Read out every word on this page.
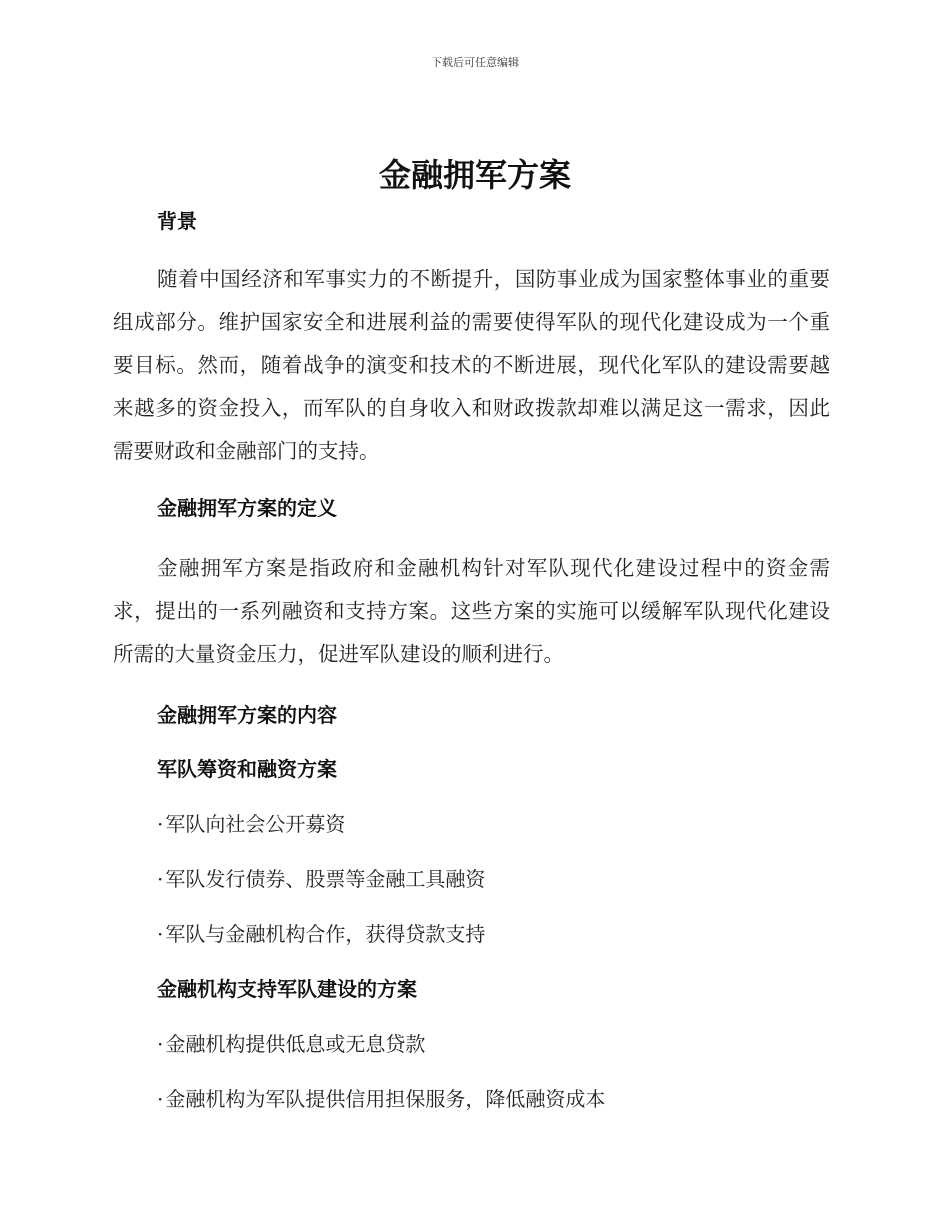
下载后可任意编辑
金融拥军方案

背景

随着中国经济和军事实力的不断提升，国防事业成为国家整体事业的重要组成部分。维护国家安全和进展利益的需要使得军队的现代化建设成为一个重要目标。然而，随着战争的演变和技术的不断进展，现代化军队的建设需要越来越多的资金投入，而军队的自身收入和财政拨款却难以满足这一需求，因此需要财政和金融部门的支持。

金融拥军方案的定义

金融拥军方案是指政府和金融机构针对军队现代化建设过程中的资金需求，提出的一系列融资和支持方案。这些方案的实施可以缓解军队现代化建设所需的大量资金压力，促进军队建设的顺利进行。

金融拥军方案的内容

军队筹资和融资方案

· 军队向社会公开募资

· 军队发行债券、股票等金融工具融资

· 军队与金融机构合作，获得贷款支持

金融机构支持军队建设的方案

· 金融机构提供低息或无息贷款

· 金融机构为军队提供信用担保服务，降低融资成本
